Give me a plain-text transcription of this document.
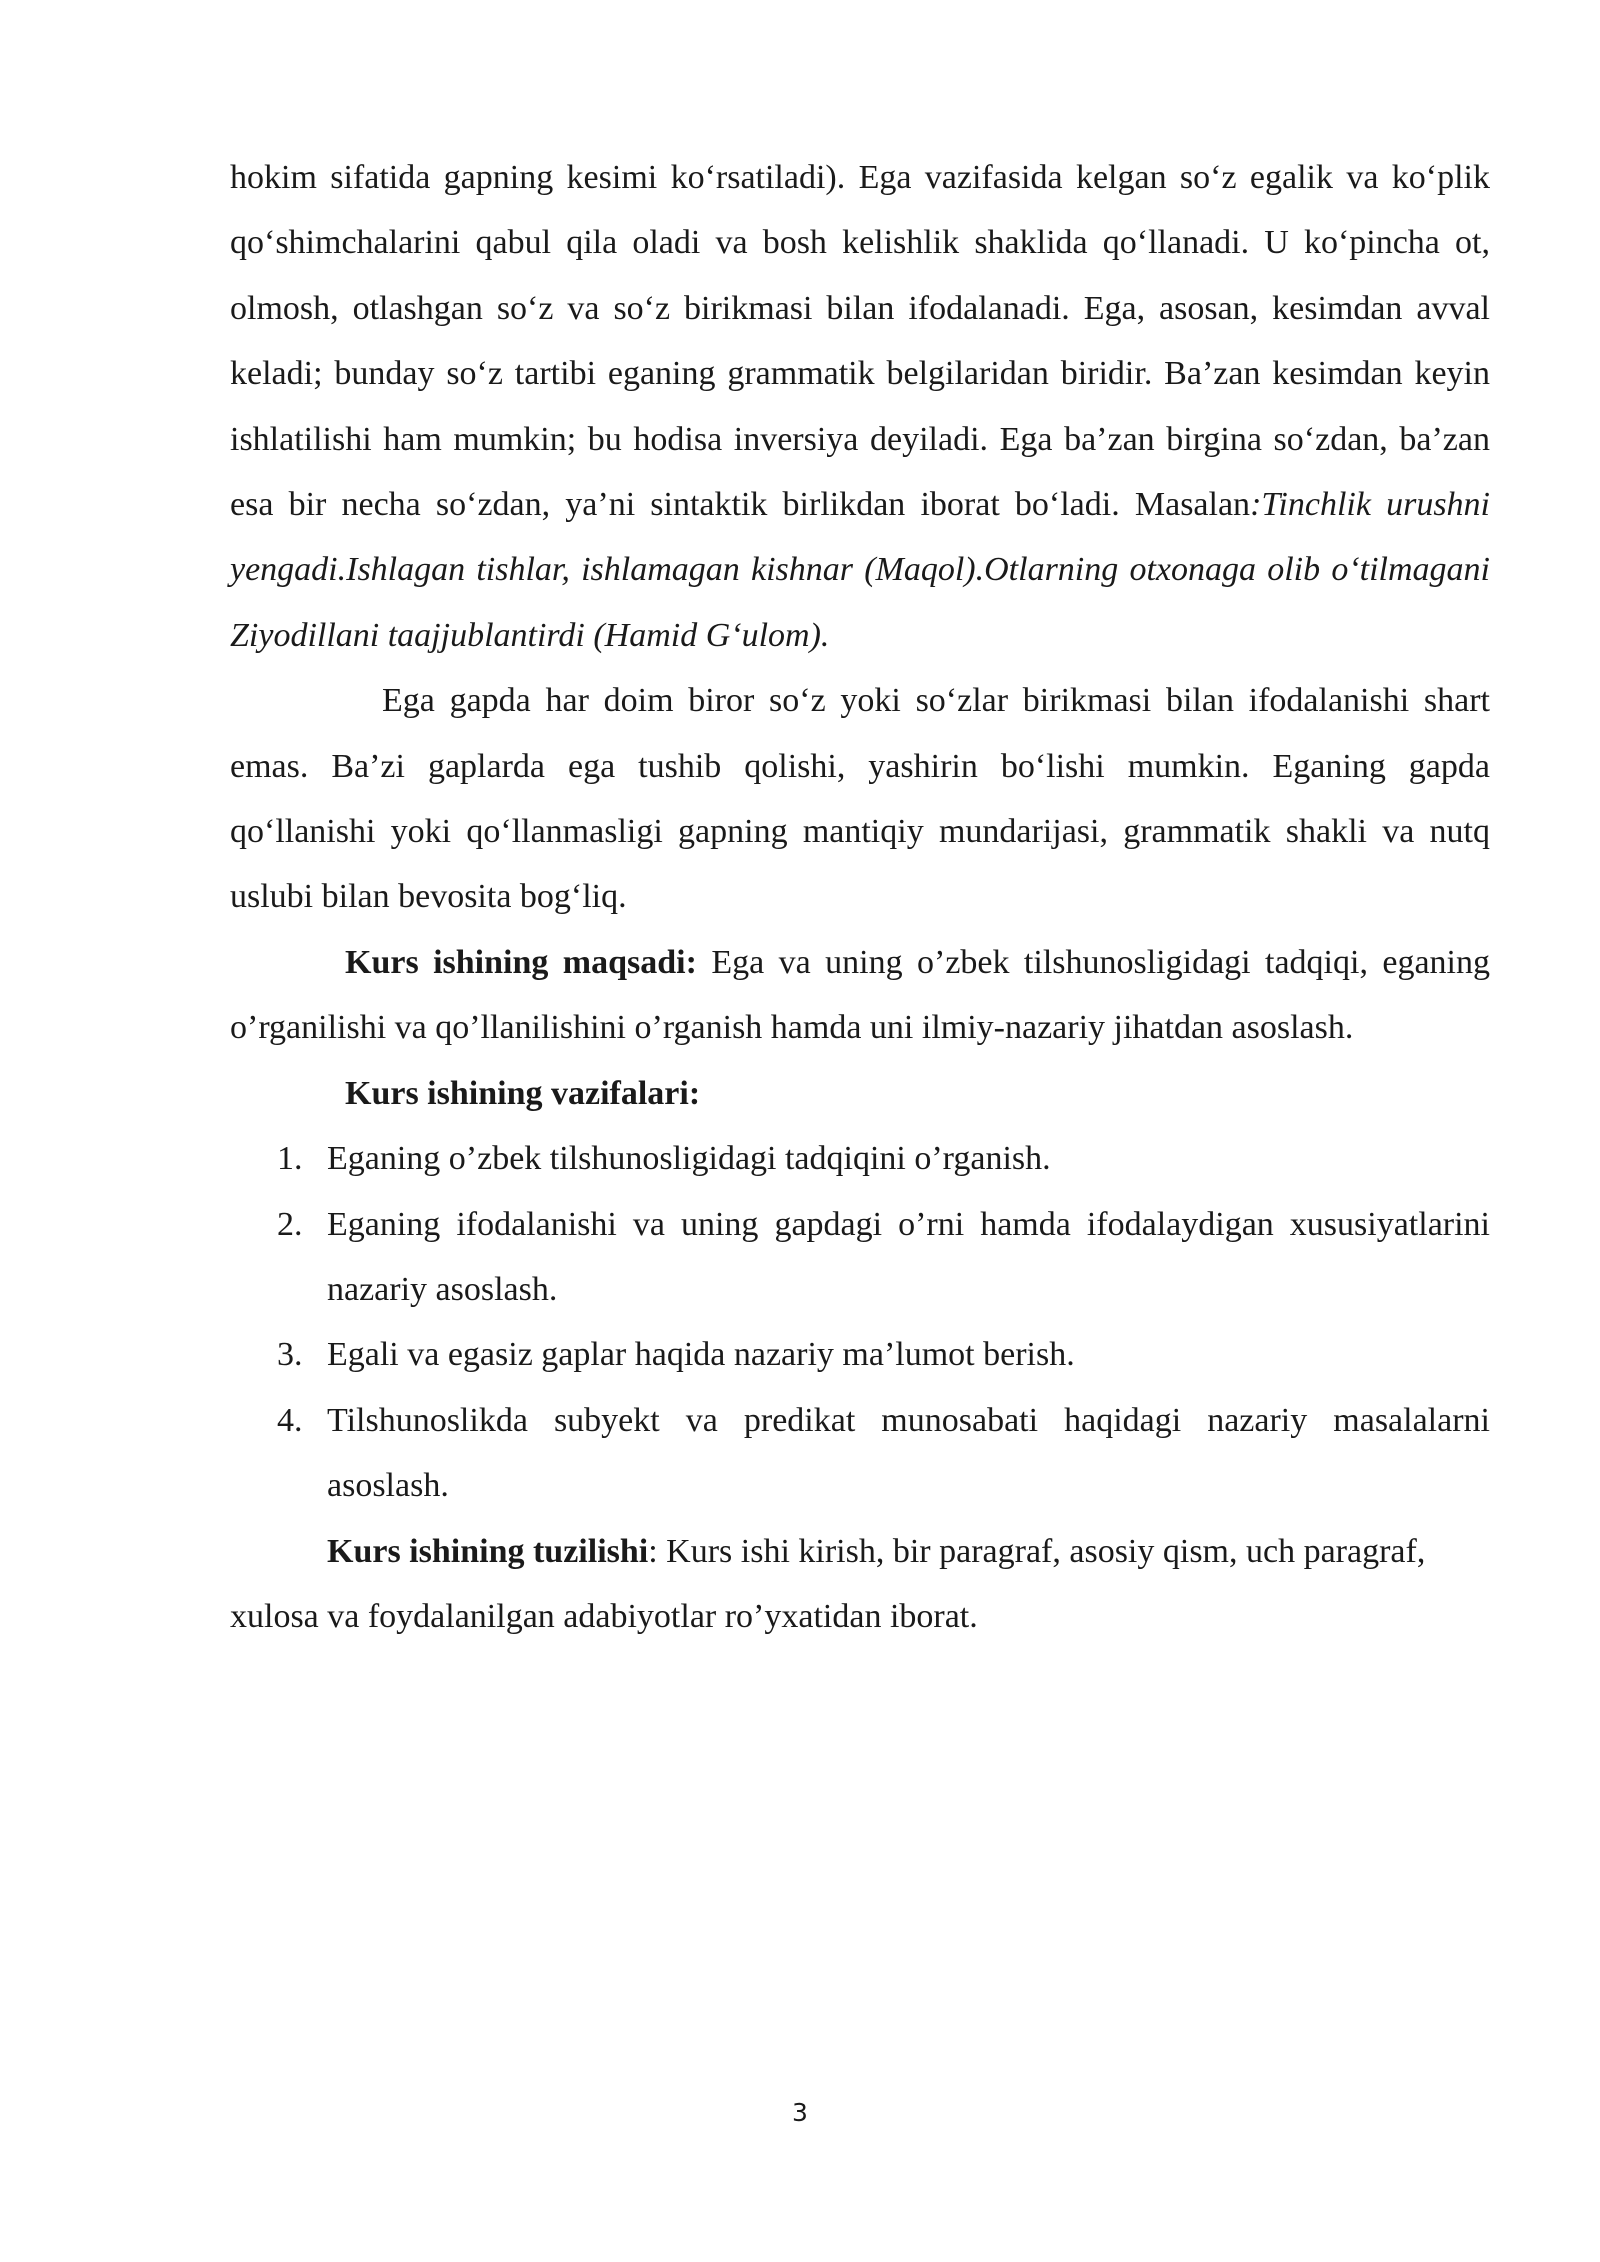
hokim sifatida gapning kesimi ko‘rsatiladi). Ega vazifasida kelgan so‘z egalik va ko‘plik qo‘shimchalarini qabul qila oladi va bosh kelishlik shaklida qo‘llanadi. U ko‘pincha ot, olmosh, otlashgan so‘z va so‘z birikmasi bilan ifodalanadi. Ega, asosan, kesimdan avval keladi; bunday so‘z tartibi eganing grammatik belgilaridan biridir. Ba’zan kesimdan keyin ishlatilishi ham mumkin; bu hodisa inversiya deyiladi. Ega ba’zan birgina so‘zdan, ba’zan esa bir necha so‘zdan, ya’ni sintaktik birlikdan iborat bo‘ladi. Masalan:Tinchlik urushni yengadi.Ishlagan tishlar, ishlamagan kishnar (Maqol).Otlarning otxonaga olib o‘tilmagani Ziyodillani taajjublantirdi (Hamid G‘ulom).

Ega gapda har doim biror so‘z yoki so‘zlar birikmasi bilan ifodalanishi shart emas. Ba’zi gaplarda ega tushib qolishi, yashirin bo‘lishi mumkin. Eganing gapda qo‘llanishi yoki qo‘llanmasligi gapning mantiqiy mundarijasi, grammatik shakli va nutq uslubi bilan bevosita bog‘liq.

Kurs ishining maqsadi: Ega va uning o’zbek tilshunosligidagi tadqiqi, eganing o’rganilishi va qo’llanilishini o’rganish hamda uni ilmiy-nazariy jihatdan asoslash.

Kurs ishining vazifalari:

1. Eganing o’zbek tilshunosligidagi tadqiqini o’rganish.
2. Eganing ifodalanishi va uning gapdagi o’rni hamda ifodalaydigan xususiyatlarini nazariy asoslash.
3. Egali va egasiz gaplar haqida nazariy ma’lumot berish.
4. Tilshunoslikda subyekt va predikat munosabati haqidagi nazariy masalalarni asoslash.

Kurs ishining tuzilishi: Kurs ishi kirish, bir paragraf, asosiy qism, uch paragraf, xulosa va foydalanilgan adabiyotlar ro’yxatidan iborat.

3
